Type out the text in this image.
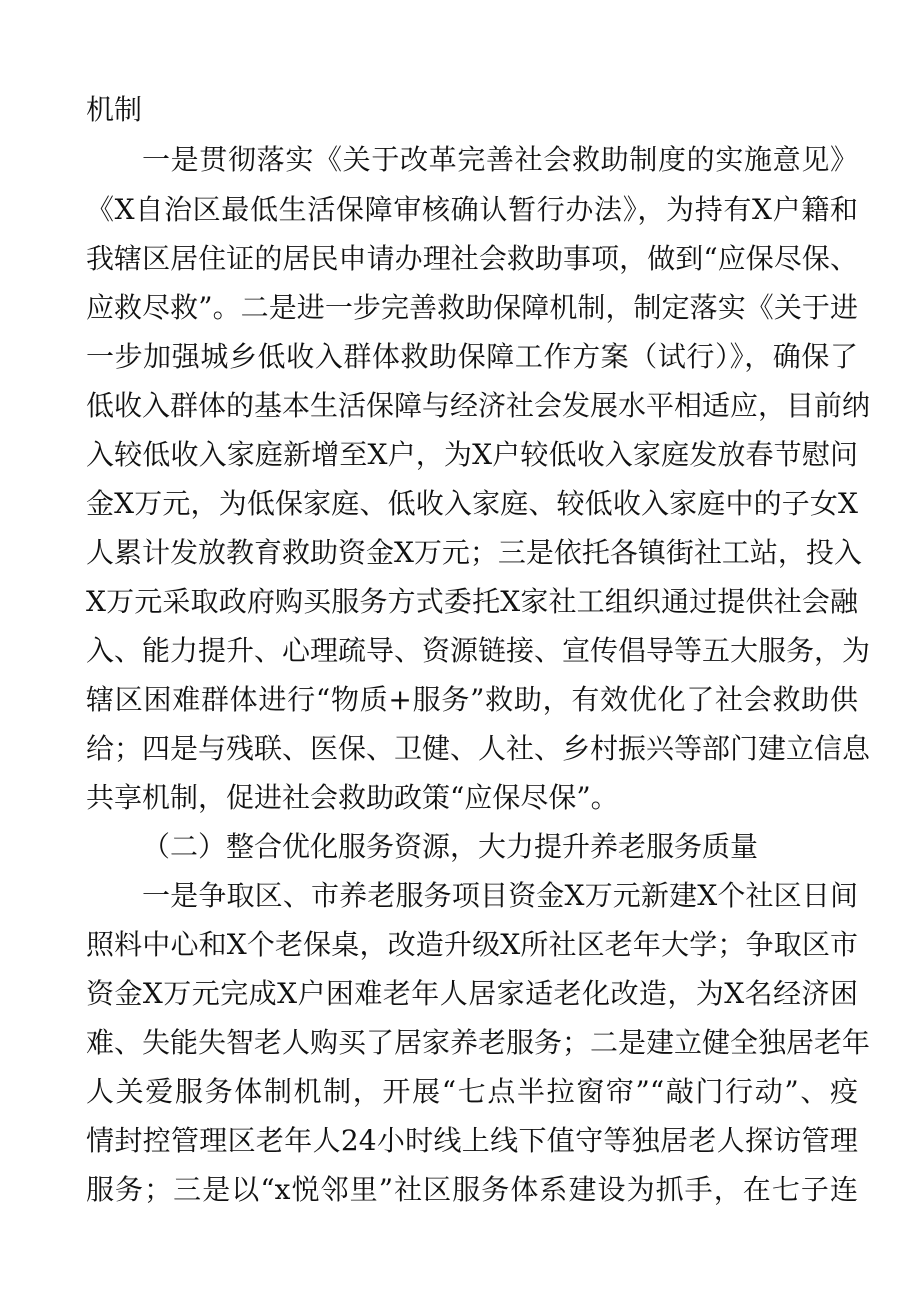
机制
一是贯彻落实《关于改革完善社会救助制度的实施意见》
《X自治区最低生活保障审核确认暂行办法》，为持有X户籍和
我辖区居住证的居民申请办理社会救助事项，做到“应保尽保、
应救尽救”。二是进一步完善救助保障机制，制定落实《关于进
一步加强城乡低收入群体救助保障工作方案（试行）》，确保了
低收入群体的基本生活保障与经济社会发展水平相适应，目前纳
入较低收入家庭新增至X户，为X户较低收入家庭发放春节慰问
金X万元，为低保家庭、低收入家庭、较低收入家庭中的子女X
人累计发放教育救助资金X万元；三是依托各镇街社工站，投入
X万元采取政府购买服务方式委托X家社工组织通过提供社会融
入、能力提升、心理疏导、资源链接、宣传倡导等五大服务，为
辖区困难群体进行“物质+服务”救助，有效优化了社会救助供
给；四是与残联、医保、卫健、人社、乡村振兴等部门建立信息
共享机制，促进社会救助政策“应保尽保”。
（二）整合优化服务资源，大力提升养老服务质量
一是争取区、市养老服务项目资金X万元新建X个社区日间
照料中心和X个老保桌，改造升级X所社区老年大学；争取区市
资金X万元完成X户困难老年人居家适老化改造，为X名经济困
难、失能失智老人购买了居家养老服务；二是建立健全独居老年
人关爱服务体制机制，开展“七点半拉窗帘”“敲门行动”、疫
情封控管理区老年人24小时线上线下值守等独居老人探访管理
服务；三是以“x悦邻里”社区服务体系建设为抓手，在七子连
